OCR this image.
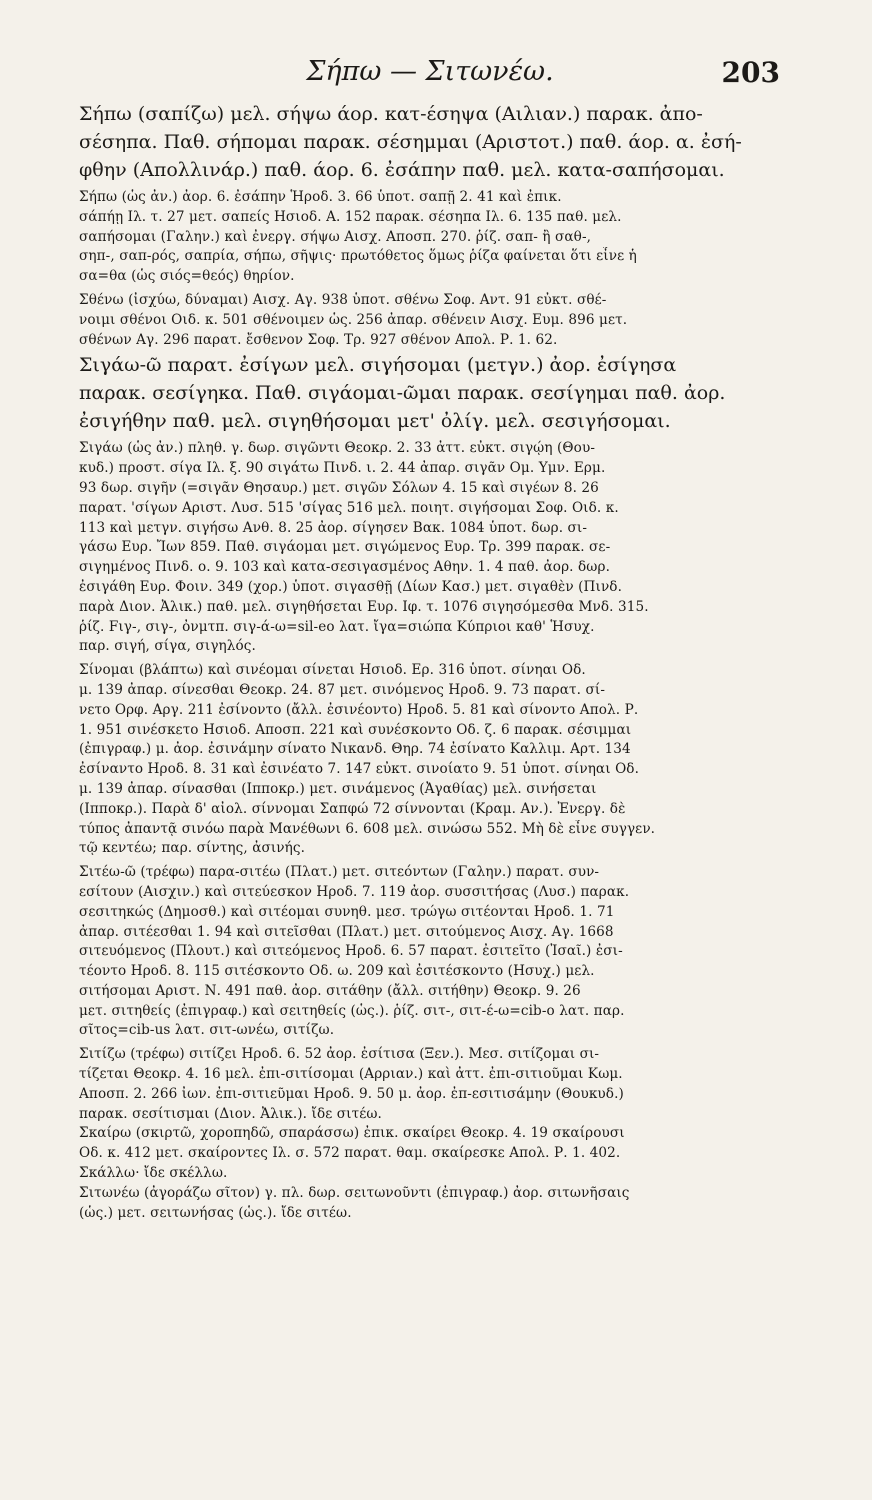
Σήπω — Σιτωνέω.	203
Σήπω (σαπίζω) μελ. σήψω άορ. κατ-έσηψα (Αιλιαν.) παρακ. ἀπο-
σέσηπα. Παθ. σήπομαι παρακ. σέσημμαι (Αριστοτ.) παθ. άορ. α. ἐσή-
φθην (Απολλινάρ.) παθ. άορ. 6. ἐσάπην παθ. μελ. κατα-σαπήσομαι.
Σήπω (ὡς ἀν.) ἀορ. 6. ἐσάπην Ἡροδ. 3. 66 ὑποτ. σαπῇ 2. 41 καὶ ἐπικ.
σάπήῃ Ιλ. τ. 27 μετ. σαπείς Ησιοδ. Α. 152 παρακ. σέσηπα Ιλ. 6. 135 παθ. μελ.
σαπήσομαι (Γαλην.) καὶ ἐνεργ. σήψω Αισχ. Αποσπ. 270. ῥίζ. σαπ- ἢ σαθ-,
σηπ-, σαπ-ρός, σαπρία, σήπω, σῆψις· πρωτόθετος ὅμως ῥίζα φαίνεται ὅτι εἶνε ἡ
σα=θα (ὡς σιός=θεός) θηρίον.
Σθένω (ἰσχύω, δύναμαι) Αισχ. Αγ. 938 ὑποτ. σθένω Σοφ. Αντ. 91 εὐκτ. σθέ-
νοιμι σθένοι Οιδ. κ. 501 σθένοιμεν ὡς. 256 ἀπαρ. σθένειν Αισχ. Ευμ. 896 μετ.
σθένων Αγ. 296 παρατ. ἔσθενον Σοφ. Τρ. 927 σθένον Απολ. Ρ. 1. 62.
Σιγάω-ῶ παρατ. ἐσίγων μελ. σιγήσομαι (μετγν.) ἀορ. ἐσίγησα
παρακ. σεσίγηκα. Παθ. σιγάομαι-ῶμαι παρακ. σεσίγημαι παθ. ἀορ.
ἐσιγήθην παθ. μελ. σιγηθήσομαι μετ' ὀλίγ. μελ. σεσιγήσομαι.
Σιγάω (ὡς ἀν.) πληθ. γ. δωρ. σιγῶντι Θεοκρ. 2. 33 ἀττ. εὐκτ. σιγῴη (Θου-
κυδ.) προστ. σίγα Ιλ. ξ. 90 σιγάτω Πινδ. ι. 2. 44 ἀπαρ. σιγᾶν Ομ. Υμν. Ερμ.
93 δωρ. σιγῆν (=σιγᾶν Θησαυρ.) μετ. σιγῶν Σόλων 4. 15 καὶ σιγέων 8. 26
παρατ. 'σίγων Αριστ. Λυσ. 515 'σίγας 516 μελ. ποιητ. σιγήσομαι Σοφ. Οιδ. κ.
113 καὶ μετγν. σιγήσω Ανθ. 8. 25 ἀορ. σίγησεν Βακ. 1084 ὑποτ. δωρ. σι-
γάσω Ευρ. Ἴων 859. Παθ. σιγάομαι μετ. σιγώμενος Ευρ. Τρ. 399 παρακ. σε-
σιγημένος Πινδ. ο. 9. 103 καὶ κατα-σεσιγασμένος Αθην. 1. 4 παθ. ἀορ. δωρ.
ἐσιγάθη Ευρ. Φοιν. 349 (χορ.) ὑποτ. σιγασθῇ (Δίων Κασ.) μετ. σιγαθὲν (Πινδ.
παρὰ Διον. Ἀλικ.) παθ. μελ. σιγηθήσεται Ευρ. Ιφ. τ. 1076 σιγησόμεσθα Μνδ. 315.
ῥίζ. Fιγ-, σιγ-, ὀνμτπ. σιγ-ά-ω=sil-eo λατ. ἴγα=σιώπα Κύπριοι καθ' Ἡσυχ.
παρ. σιγή, σίγα, σιγηλός.
Σίνομαι (βλάπτω) καὶ σινέομαι σίνεται Ησιοδ. Ερ. 316 ὑποτ. σίνηαι Οδ.
μ. 139 ἀπαρ. σίνεσθαι Θεοκρ. 24. 87 μετ. σινόμενος Ηροδ. 9. 73 παρατ. σί-
νετο Ορφ. Αργ. 211 ἐσίνοντο (ἄλλ. ἐσινέοντο) Ηροδ. 5. 81 καὶ σίνοντο Απολ. Ρ.
1. 951 σινέσκετο Ησιοδ. Αποσπ. 221 καὶ συνέσκοντο Οδ. ζ. 6 παρακ. σέσιμμαι
(ἐπιγραφ.) μ. ἀορ. ἐσινάμην σίνατο Νικανδ. Θηρ. 74 ἐσίνατο Καλλιμ. Αρτ. 134
ἐσίναντο Ηροδ. 8. 31 καὶ ἐσινέατο 7. 147 εὐκτ. σινοίατο 9. 51 ὑποτ. σίνηαι Οδ.
μ. 139 ἀπαρ. σίνασθαι (Ιπποκρ.) μετ. σινάμενος (Ἀγαθίας) μελ. σινήσεται
(Ιπποκρ.). Παρὰ δ' αἰολ. σίννομαι Σαπφώ 72 σίννονται (Κραμ. Αν.). Ἐνεργ. δὲ
τύπος ἀπαντᾷ σινόω παρὰ Μανέθωνι 6. 608 μελ. σινώσω 552. Μὴ δὲ εἶνε συγγεν.
τῷ κεντέω; παρ. σίντης, ἀσινής.
Σιτέω-ῶ (τρέφω) παρα-σιτέω (Πλατ.) μετ. σιτεόντων (Γαλην.) παρατ. συν-
εσίτουν (Αισχιν.) καὶ σιτεύεσκον Ηροδ. 7. 119 ἀορ. συσσιτήσας (Λυσ.) παρακ.
σεσιτηκώς (Δημοσθ.) καὶ σιτέομαι συνηθ. μεσ. τρώγω σιτέονται Ηροδ. 1. 71
ἀπαρ. σιτέεσθαι 1. 94 καὶ σιτεῖσθαι (Πλατ.) μετ. σιτούμενος Αισχ. Αγ. 1668
σιτευόμενος (Πλουτ.) καὶ σιτεόμενος Ηροδ. 6. 57 παρατ. ἐσιτεῖτο (Ἰσαῖ.) ἐσι-
τέοντο Ηροδ. 8. 115 σιτέσκοντο Οδ. ω. 209 καὶ ἐσιτέσκοντο (Ησυχ.) μελ.
σιτήσομαι Αριστ. Ν. 491 παθ. ἀορ. σιτάθην (ἄλλ. σιτήθην) Θεοκρ. 9. 26
μετ. σιτηθείς (ἐπιγραφ.) καὶ σειτηθείς (ὡς.). ῥίζ. σιτ-, σιτ-έ-ω=cib-o λατ. παρ.
σῖτος=cib-us λατ. σιτ-ωνέω, σιτίζω.
Σιτίζω (τρέφω) σιτίζει Ηροδ. 6. 52 ἀορ. ἐσίτισα (Ξεν.). Μεσ. σιτίζομαι σι-
τίζεται Θεοκρ. 4. 16 μελ. ἐπι-σιτίσομαι (Αρριαν.) καὶ ἀττ. ἐπι-σιτιοῦμαι Κωμ.
Αποσπ. 2. 266 ἰων. ἐπι-σιτιεῦμαι Ηροδ. 9. 50 μ. ἀορ. ἐπ-εσιτισάμην (Θουκυδ.)
παρακ. σεσίτισμαι (Διον. Ἀλικ.). ἴδε σιτέω.
Σκαίρω (σκιρτῶ, χοροπηδῶ, σπαράσσω) ἐπικ. σκαίρει Θεοκρ. 4. 19 σκαίρουσι
Οδ. κ. 412 μετ. σκαίροντες Ιλ. σ. 572 παρατ. θαμ. σκαίρεσκε Απολ. Ρ. 1. 402.
Σκάλλω· ἴδε σκέλλω.
Σιτωνέω (ἀγοράζω σῖτον) γ. πλ. δωρ. σειτωνοῦντι (ἐπιγραφ.) ἀορ. σιτωνῆσαις
(ὡς.) μετ. σειτωνήσας (ὡς.). ἴδε σιτέω.
